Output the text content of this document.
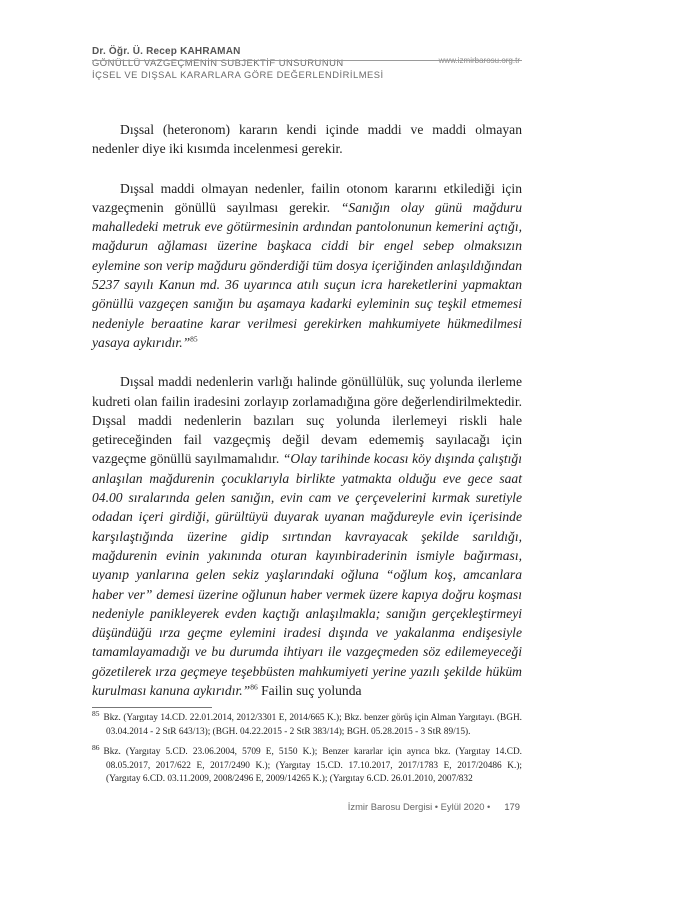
Dr. Öğr. Ü. Recep KAHRAMAN
GÖNÜLLÜ VAZGEÇMENİN SUBJEKTİF UNSURUNUN
İÇSEL VE DIŞSAL KARARLARA GÖRE DEĞERLENDİRİLMESİ
www.izmirbarosu.org.tr

Dışsal (heteronom) kararın kendi içinde maddi ve maddi olmayan nedenler diye iki kısımda incelenmesi gerekir.

Dışsal maddi olmayan nedenler, failin otonom kararını etkilediği için vazgeçmenin gönüllü sayılması gerekir. “Sanığın olay günü mağduru mahalledeki metruk eve götürmesinin ardından pantolonunun kemerini açtığı, mağdurun ağlaması üzerine başkaca ciddi bir engel sebep olmaksızın eylemine son verip mağduru gönderdiği tüm dosya içeriğinden anlaşıldığından 5237 sayılı Kanun md. 36 uyarınca atılı suçun icra hareketlerini yapmaktan gönüllü vazgeçen sanığın bu aşamaya kadarki eyleminin suç teşkil etmemesi nedeniyle beraatine karar verilmesi gerekirken mahkumiyete hükmedilmesi yasaya aykırıdır.”$^{85}$

Dışsal maddi nedenlerin varlığı halinde gönüllülük, suç yolunda ilerleme kudreti olan failin iradesini zorlayıp zorlamadığına göre değerlendirilmektedir. Dışsal maddi nedenlerin bazıları suç yolunda ilerlemeyi riskli hale getireceğinden fail vazgeçmiş değil devam edememiş sayılacağı için vazgeçme gönüllü sayılmamalıdır. “Olay tarihinde kocası köy dışında çalıştığı anlaşılan mağdurenin çocuklarıyla birlikte yatmakta olduğu eve gece saat 04.00 sıralarında gelen sanığın, evin cam ve çerçevelerini kırmak suretiyle odadan içeri girdiği, gürültüyü duyarak uyanan mağdureyle evin içerisinde karşılaştığında üzerine gidip sırtından kavrayacak şekilde sarıldığı, mağdurenin evinin yakınında oturan kayınbiraderinin ismiyle bağırması, uyanıp yanlarına gelen sekiz yaşlarındaki oğluna “oğlum koş, amcanlara haber ver” demesi üzerine oğlunun haber vermek üzere kapıya doğru koşması nedeniyle panikleyerek evden kaçtığı anlaşılmakla; sanığın gerçekleştirmeyi düşündüğü ırza geçme eylemini iradesi dışında ve yakalanma endişesiyle tamamlayamadığı ve bu durumda ihtiyarı ile vazgeçmeden söz edilemeyeceği gözetilerek ırza geçmeye teşebbüsten mahkumiyeti yerine yazılı şekilde hüküm kurulması kanuna aykırıdır.”$^{86}$ Failin suç yolunda

$^{85}$ Bkz. (Yargıtay 14.CD. 22.01.2014, 2012/3301 E, 2014/665 K.); Bkz. benzer görüş için Alman Yargıtayı. (BGH. 03.04.2014 - 2 StR 643/13); (BGH. 04.22.2015 - 2 StR 383/14); BGH. 05.28.2015 - 3 StR 89/15).

$^{86}$ Bkz. (Yargıtay 5.CD. 23.06.2004, 5709 E, 5150 K.); Benzer kararlar için ayrıca bkz. (Yargıtay 14.CD. 08.05.2017, 2017/622 E, 2017/2490 K.); (Yargıtay 15.CD. 17.10.2017, 2017/1783 E, 2017/20486 K.); (Yargıtay 6.CD. 03.11.2009, 2008/2496 E, 2009/14265 K.); (Yargıtay 6.CD. 26.01.2010, 2007/832

İzmir Barosu Dergisi • Eylül 2020 • 179
